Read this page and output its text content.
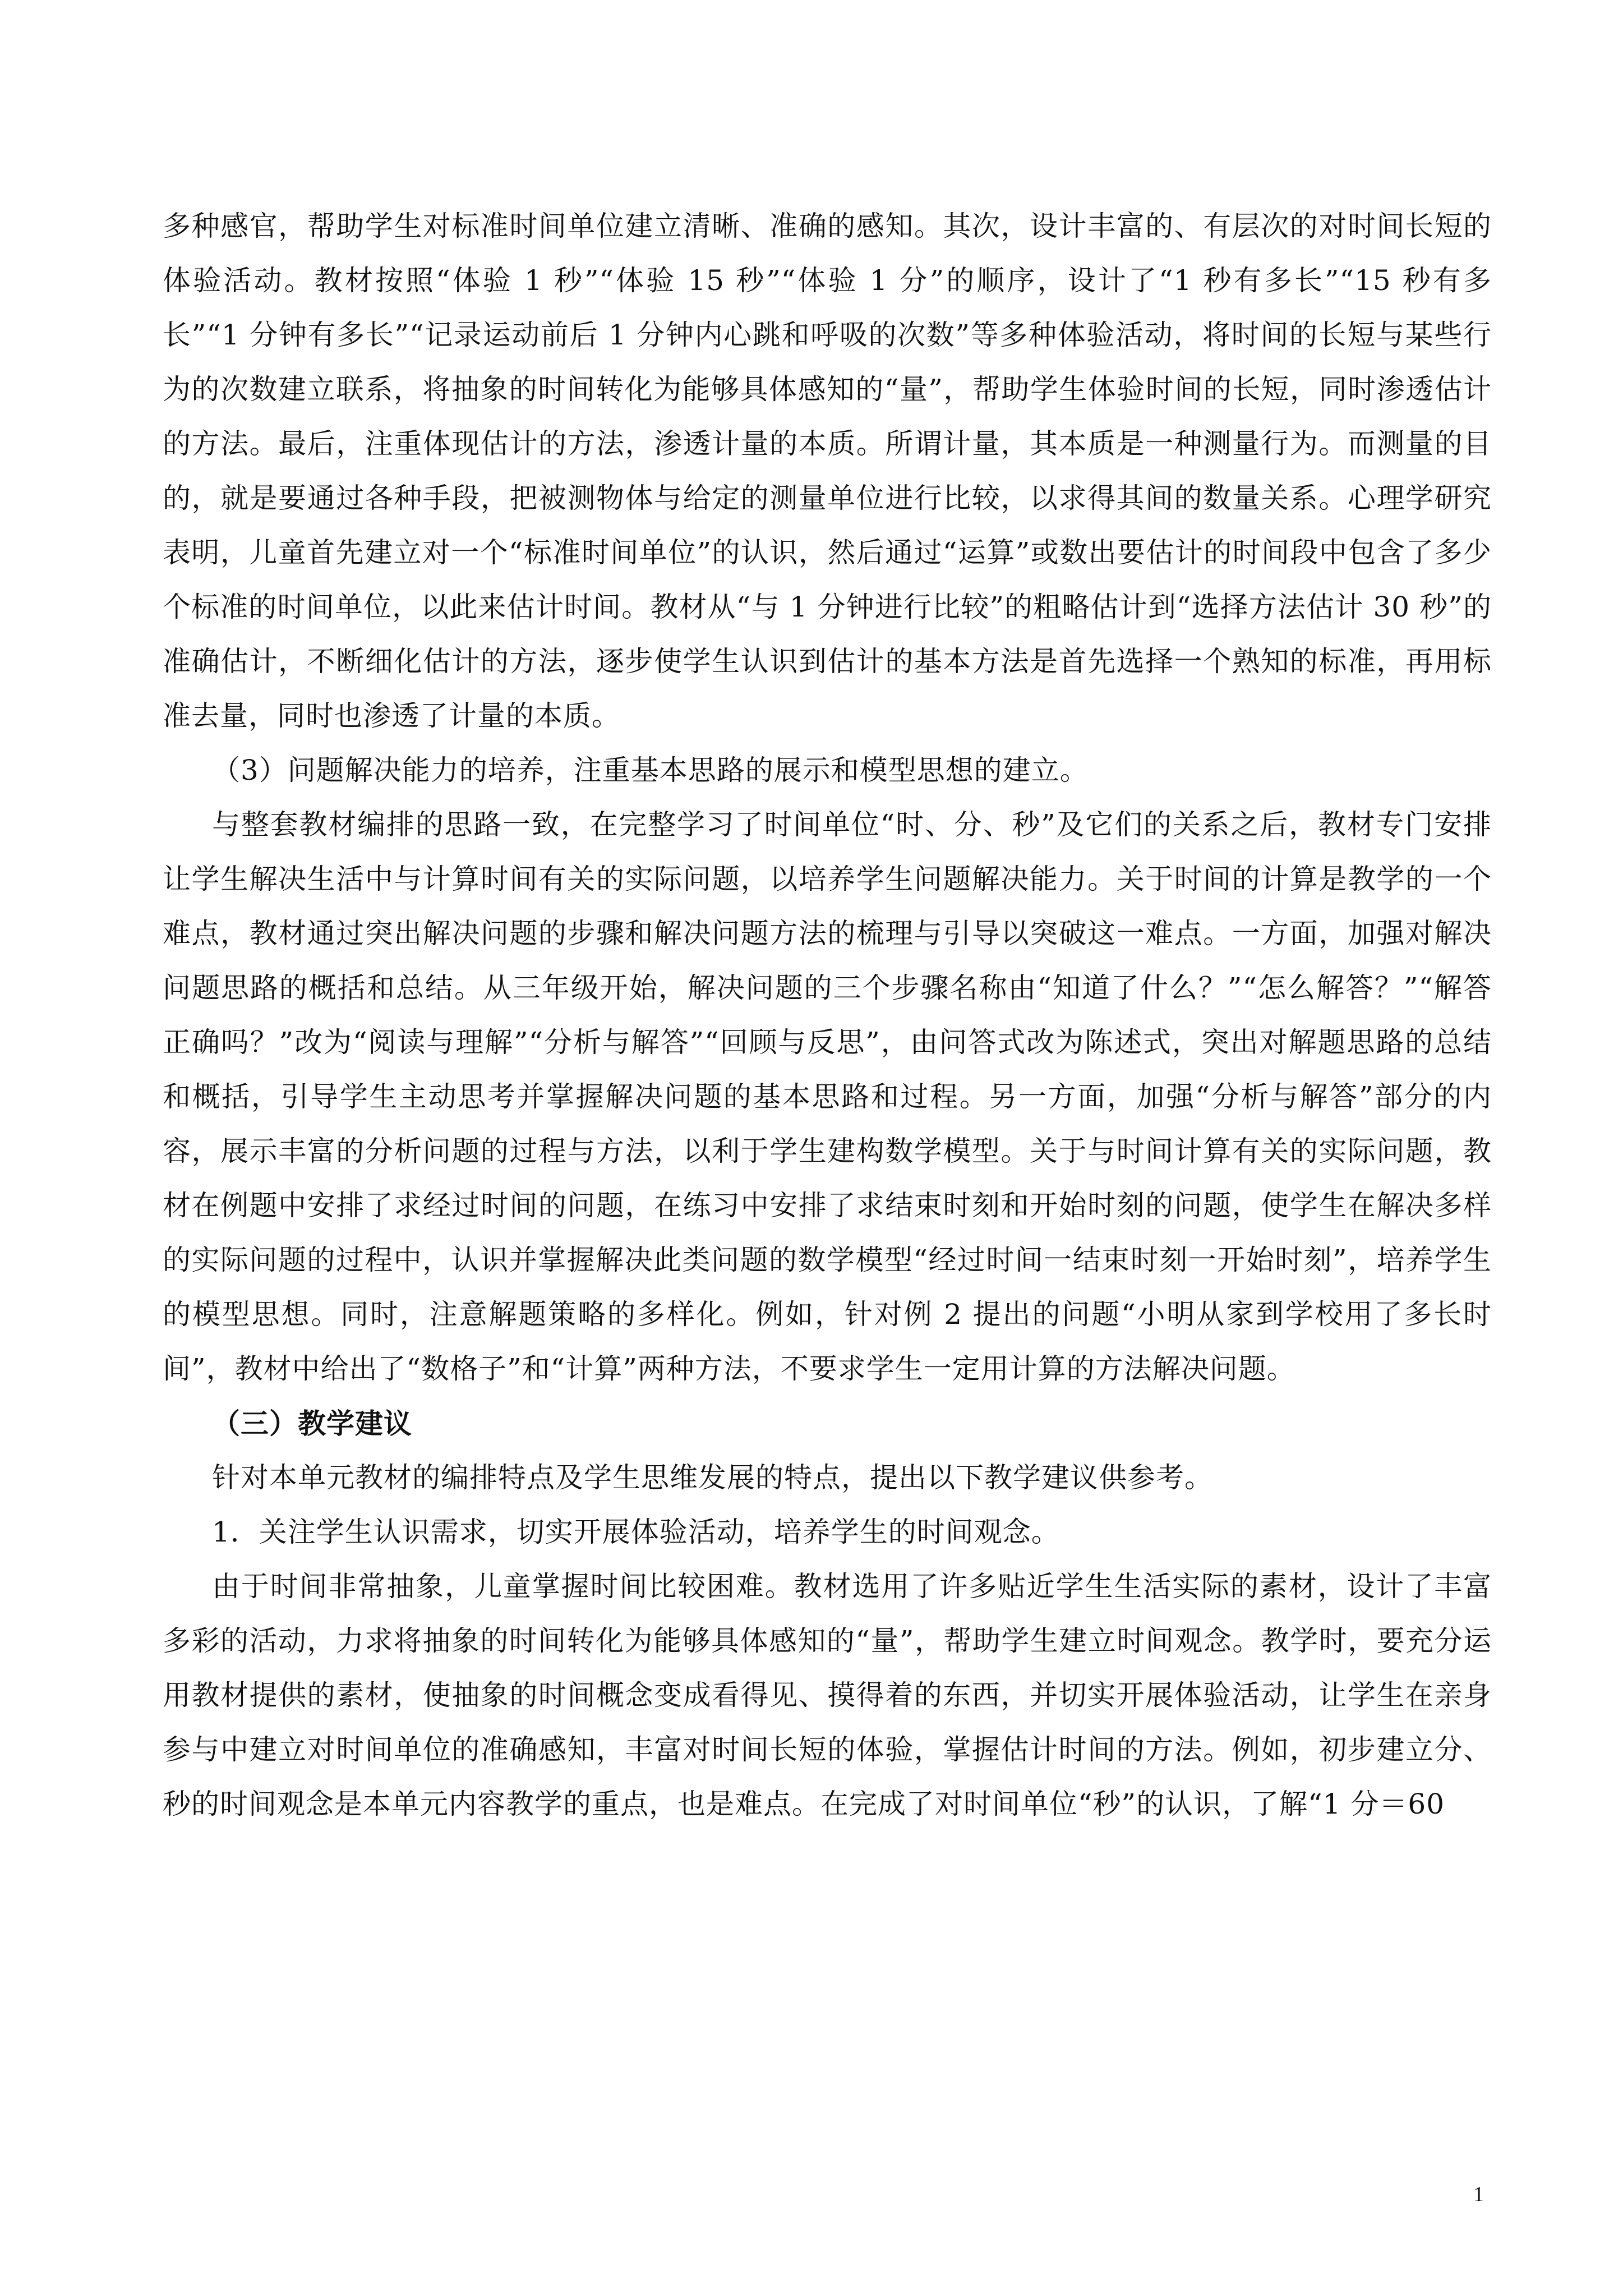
多种感官，帮助学生对标准时间单位建立清晰、准确的感知。其次，设计丰富的、有层次的对时间长短的体验活动。教材按照“体验 1 秒”“体验 15 秒”“体验 1 分”的顺序，设计了“1 秒有多长”“15 秒有多长”“1 分钟有多长”“记录运动前后 1 分钟内心跳和呼吸的次数”等多种体验活动，将时间的长短与某些行为的次数建立联系，将抽象的时间转化为能够具体感知的“量”，帮助学生体验时间的长短，同时渗透估计的方法。最后，注重体现估计的方法，渗透计量的本质。所谓计量，其本质是一种测量行为。而测量的目的，就是要通过各种手段，把被测物体与给定的测量单位进行比较，以求得其间的数量关系。心理学研究表明，儿童首先建立对一个“标准时间单位”的认识，然后通过“运算”或数出要估计的时间段中包含了多少个标准的时间单位，以此来估计时间。教材从“与 1 分钟进行比较”的粗略估计到“选择方法估计 30 秒”的准确估计，不断细化估计的方法，逐步使学生认识到估计的基本方法是首先选择一个熟知的标准，再用标准去量，同时也渗透了计量的本质。

（3）问题解决能力的培养，注重基本思路的展示和模型思想的建立。

与整套教材编排的思路一致，在完整学习了时间单位“时、分、秒”及它们的关系之后，教材专门安排让学生解决生活中与计算时间有关的实际问题，以培养学生问题解决能力。关于时间的计算是教学的一个难点，教材通过突出解决问题的步骤和解决问题方法的梳理与引导以突破这一难点。一方面，加强对解决问题思路的概括和总结。从三年级开始，解决问题的三个步骤名称由“知道了什么？”“怎么解答？”“解答正确吗？”改为“阅读与理解”“分析与解答”“回顾与反思”，由问答式改为陈述式，突出对解题思路的总结和概括，引导学生主动思考并掌握解决问题的基本思路和过程。另一方面，加强“分析与解答”部分的内容，展示丰富的分析问题的过程与方法，以利于学生建构数学模型。关于与时间计算有关的实际问题，教材在例题中安排了求经过时间的问题，在练习中安排了求结束时刻和开始时刻的问题，使学生在解决多样的实际问题的过程中，认识并掌握解决此类问题的数学模型“经过时间一结束时刻一开始时刻”，培养学生的模型思想。同时，注意解题策略的多样化。例如，针对例 2 提出的问题“小明从家到学校用了多长时间”，教材中给出了“数格子”和“计算”两种方法，不要求学生一定用计算的方法解决问题。

（三）教学建议

针对本单元教材的编排特点及学生思维发展的特点，提出以下教学建议供参考。

1．关注学生认识需求，切实开展体验活动，培养学生的时间观念。

由于时间非常抽象，儿童掌握时间比较困难。教材选用了许多贴近学生生活实际的素材，设计了丰富多彩的活动，力求将抽象的时间转化为能够具体感知的“量”，帮助学生建立时间观念。教学时，要充分运用教材提供的素材，使抽象的时间概念变成看得见、摸得着的东西，并切实开展体验活动，让学生在亲身参与中建立对时间单位的准确感知，丰富对时间长短的体验，掌握估计时间的方法。例如，初步建立分、秒的时间观念是本单元内容教学的重点，也是难点。在完成了对时间单位“秒”的认识，了解“1 分＝60

1
